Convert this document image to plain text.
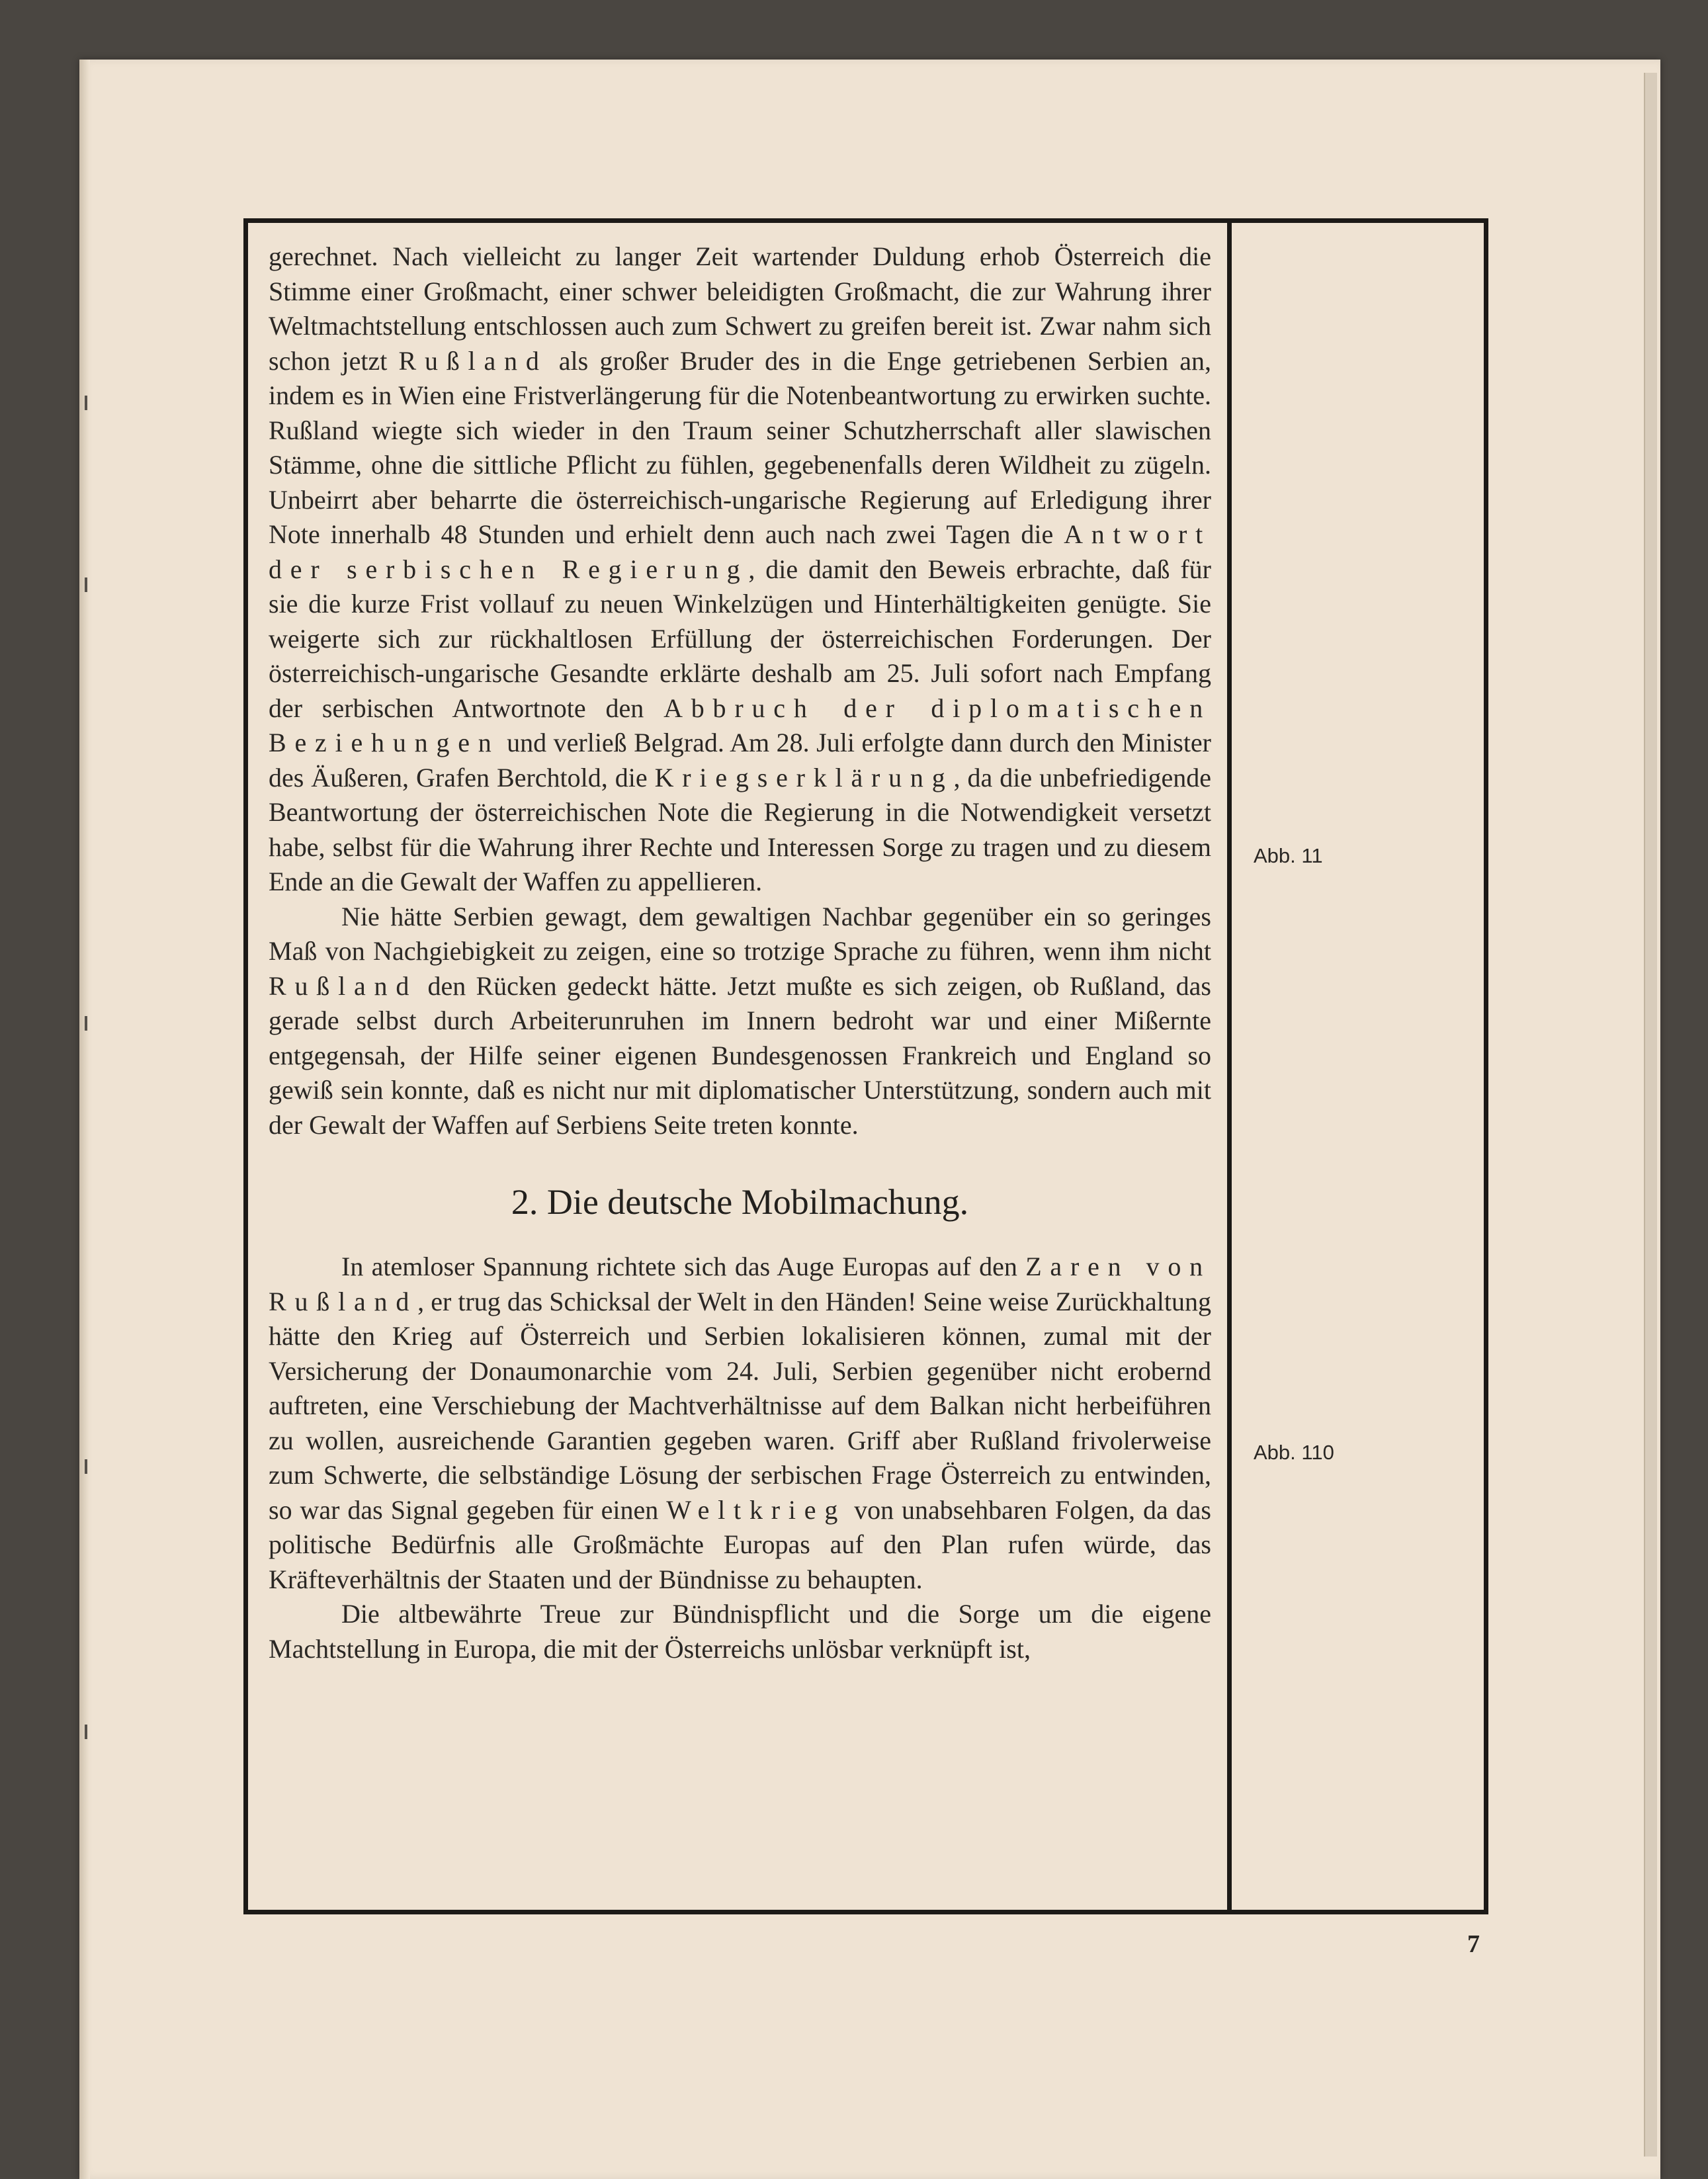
gerechnet. Nach vielleicht zu langer Zeit wartender Duldung erhob Österreich die Stimme einer Großmacht, einer schwer beleidigten Großmacht, die zur Wahrung ihrer Weltmachtstellung entschlossen auch zum Schwert zu greifen bereit ist. Zwar nahm sich schon jetzt Rußland als großer Bruder des in die Enge getriebenen Serbien an, indem es in Wien eine Fristverlängerung für die Notenbeantwortung zu erwirken suchte. Rußland wiegte sich wieder in den Traum seiner Schutzherrschaft aller slawischen Stämme, ohne die sittliche Pflicht zu fühlen, gegebenenfalls deren Wildheit zu zügeln. Unbeirrt aber beharrte die österreichisch-ungarische Regierung auf Erledigung ihrer Note innerhalb 48 Stunden und erhielt denn auch nach zwei Tagen die Antwort der serbischen Regierung, die damit den Beweis erbrachte, daß für sie die kurze Frist vollauf zu neuen Winkelzügen und Hinterhältigkeiten genügte. Sie weigerte sich zur rückhaltlosen Erfüllung der österreichischen Forderungen. Der österreichisch-ungarische Gesandte erklärte deshalb am 25. Juli sofort nach Empfang der serbischen Antwortnote den Abbruch der diplomatischen Beziehungen und verließ Belgrad. Am 28. Juli erfolgte dann durch den Minister des Äußeren, Grafen Berchtold, die Kriegserklärung, da die unbefriedigende Beantwortung der österreichischen Note die Regierung in die Notwendigkeit versetzt habe, selbst für die Wahrung ihrer Rechte und Interessen Sorge zu tragen und zu diesem Ende an die Gewalt der Waffen zu appellieren.

Nie hätte Serbien gewagt, dem gewaltigen Nachbar gegenüber ein so geringes Maß von Nachgiebigkeit zu zeigen, eine so trotzige Sprache zu führen, wenn ihm nicht Rußland den Rücken gedeckt hätte. Jetzt mußte es sich zeigen, ob Rußland, das gerade selbst durch Arbeiterunruhen im Innern bedroht war und einer Mißernte entgegensah, der Hilfe seiner eigenen Bundesgenossen Frankreich und England so gewiß sein konnte, daß es nicht nur mit diplomatischer Unterstützung, sondern auch mit der Gewalt der Waffen auf Serbiens Seite treten konnte.

2. Die deutsche Mobilmachung.

In atemloser Spannung richtete sich das Auge Europas auf den Zaren von Rußland, er trug das Schicksal der Welt in den Händen! Seine weise Zurückhaltung hätte den Krieg auf Österreich und Serbien lokalisieren können, zumal mit der Versicherung der Donaumonarchie vom 24. Juli, Serbien gegenüber nicht erobernd auftreten, eine Verschiebung der Machtverhältnisse auf dem Balkan nicht herbeiführen zu wollen, ausreichende Garantien gegeben waren. Griff aber Rußland frivolerweise zum Schwerte, die selbständige Lösung der serbischen Frage Österreich zu entwinden, so war das Signal gegeben für einen Weltkrieg von unabsehbaren Folgen, da das politische Bedürfnis alle Großmächte Europas auf den Plan rufen würde, das Kräfteverhältnis der Staaten und der Bündnisse zu behaupten.

Die altbewährte Treue zur Bündnispflicht und die Sorge um die eigene Machtstellung in Europa, die mit der Österreichs unlösbar verknüpft ist,

Abb. 11
Abb. 110
7
